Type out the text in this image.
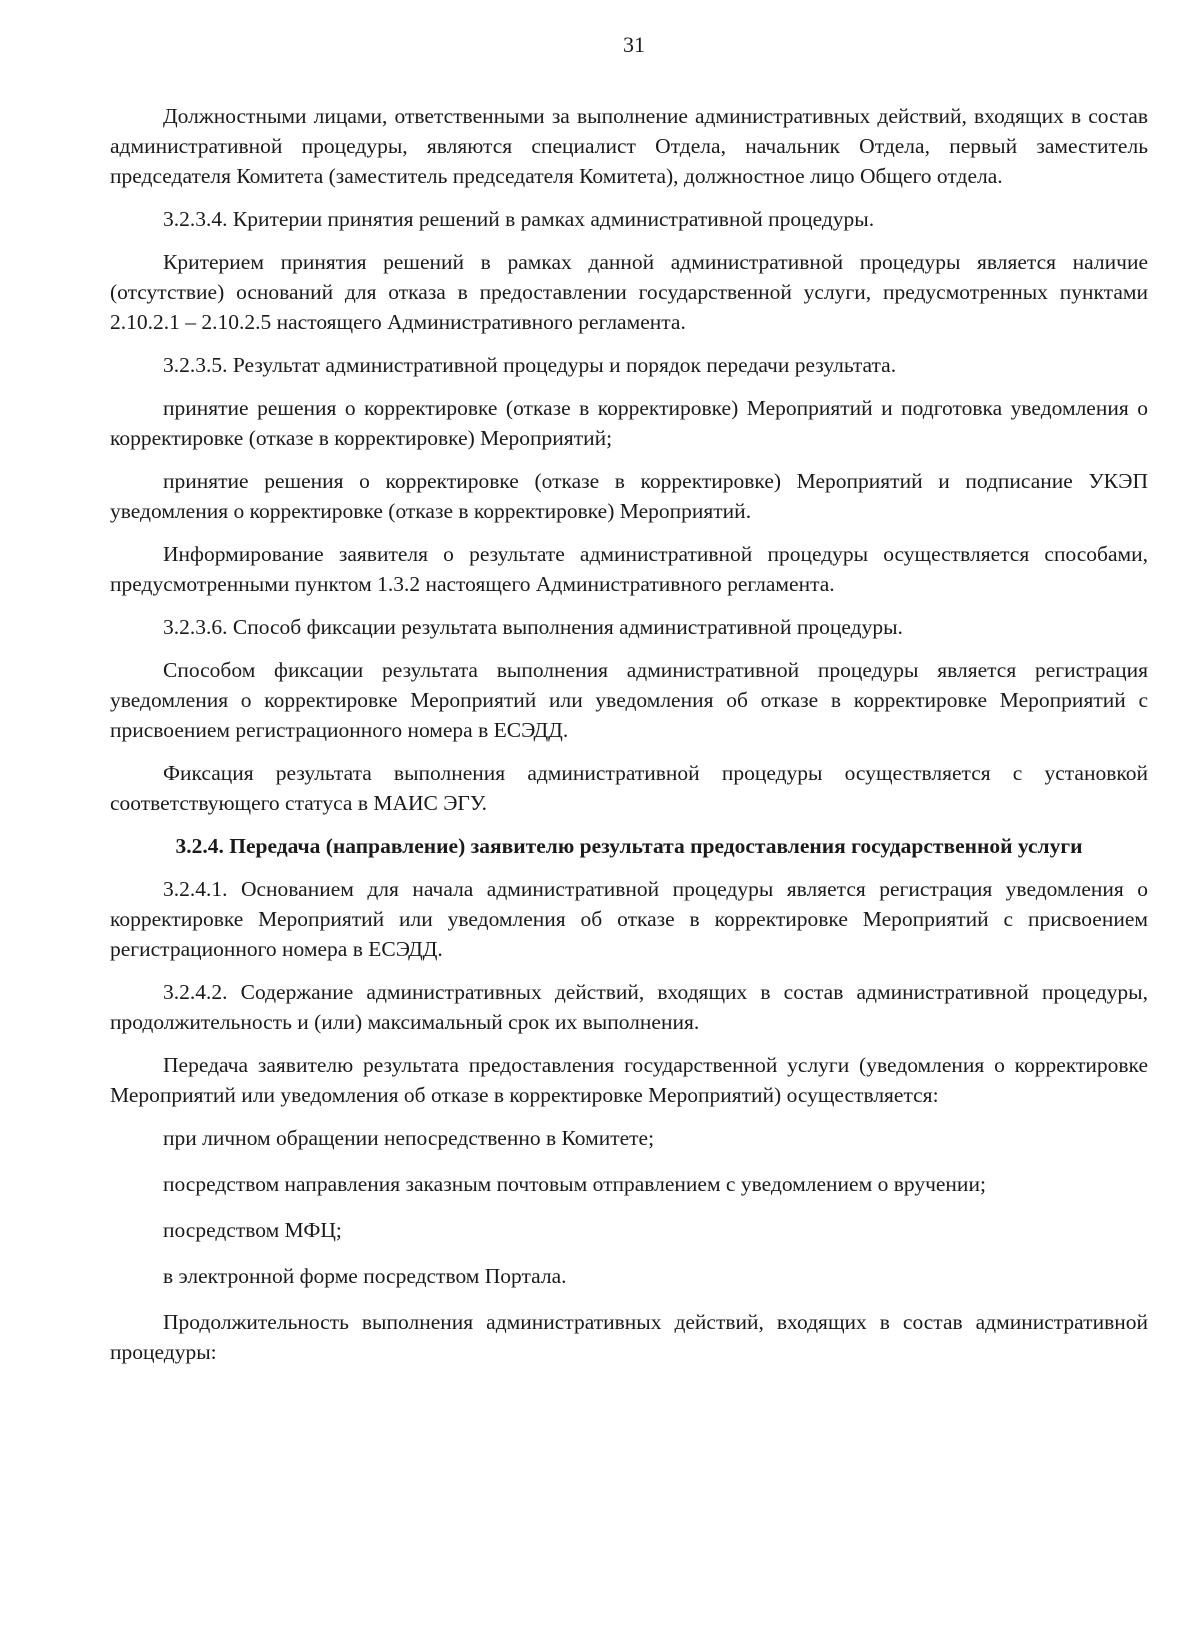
31

Должностными лицами, ответственными за выполнение административных действий, входящих в состав административной процедуры, являются специалист Отдела, начальник Отдела, первый заместитель председателя Комитета (заместитель председателя Комитета), должностное лицо Общего отдела.

3.2.3.4. Критерии принятия решений в рамках административной процедуры.

Критерием принятия решений в рамках данной административной процедуры является наличие (отсутствие) оснований для отказа в предоставлении государственной услуги, предусмотренных пунктами 2.10.2.1 – 2.10.2.5 настоящего Административного регламента.

3.2.3.5. Результат административной процедуры и порядок передачи результата.

принятие решения о корректировке (отказе в корректировке) Мероприятий и подготовка уведомления о корректировке (отказе в корректировке) Мероприятий;

принятие решения о корректировке (отказе в корректировке) Мероприятий и подписание УКЭП уведомления о корректировке (отказе в корректировке) Мероприятий.

Информирование заявителя о результате административной процедуры осуществляется способами, предусмотренными пунктом 1.3.2 настоящего Административного регламента.

3.2.3.6. Способ фиксации результата выполнения административной процедуры.

Способом фиксации результата выполнения административной процедуры является регистрация уведомления о корректировке Мероприятий или уведомления об отказе в корректировке Мероприятий с присвоением регистрационного номера в ЕСЭДД.

Фиксация результата выполнения административной процедуры осуществляется с установкой соответствующего статуса в МАИС ЭГУ.

3.2.4. Передача (направление) заявителю результата предоставления государственной услуги

3.2.4.1. Основанием для начала административной процедуры является регистрация уведомления о корректировке Мероприятий или уведомления об отказе в корректировке Мероприятий с присвоением регистрационного номера в ЕСЭДД.

3.2.4.2. Содержание административных действий, входящих в состав административной процедуры, продолжительность и (или) максимальный срок их выполнения.

Передача заявителю результата предоставления государственной услуги (уведомления о корректировке Мероприятий или уведомления об отказе в корректировке Мероприятий) осуществляется:

при личном обращении непосредственно в Комитете;

посредством направления заказным почтовым отправлением с уведомлением о вручении;

посредством МФЦ;

в электронной форме посредством Портала.

Продолжительность выполнения административных действий, входящих в состав административной процедуры:
